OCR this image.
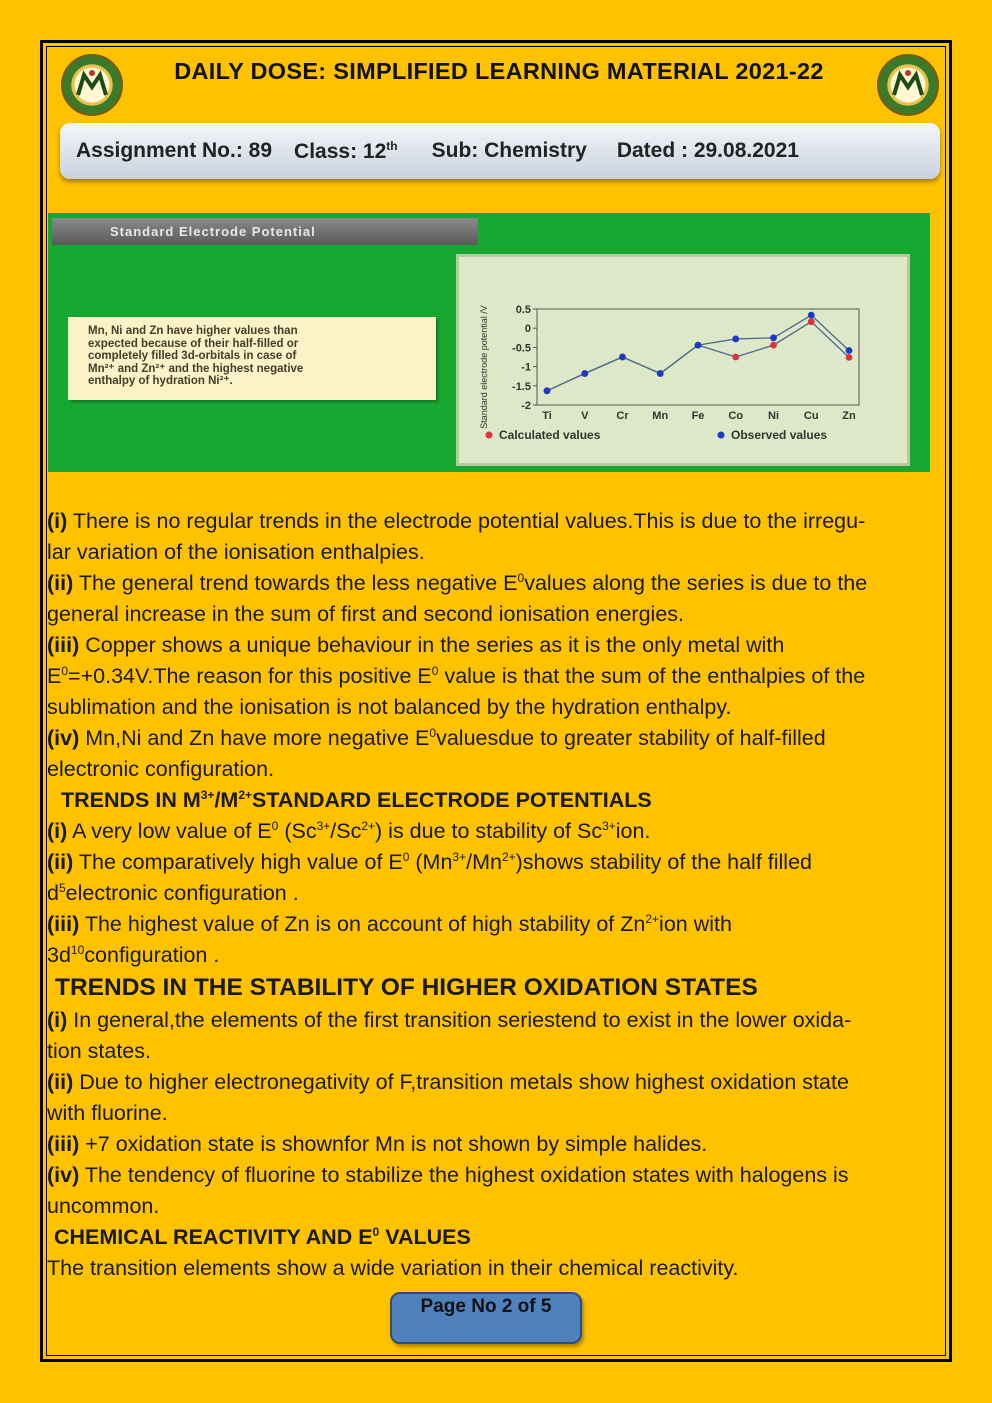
DAILY DOSE: SIMPLIFIED LEARNING MATERIAL 2021-22
Assignment No.: 89 Class: 12th Sub: Chemistry Dated : 29.08.2021
Standard Electrode Potential
Mn, Ni and Zn have higher values than
expected because of their half-filled or
completely filled 3d-orbitals in case of
Mn²⁺ and Zn²⁺ and the highest negative
enthalpy of hydration Ni²⁺.
0.5
0
-0.5
-1
-1.5
-2
Ti	V	Cr Mn Fe Co Ni Cu Zn
Standard electrode potential /V
Calculated values	Observed values

(i) There is no regular trends in the electrode potential values.This is due to the irregu-

lar variation of the ionisation enthalpies.

(ii) The general trend towards the less negative $E^0values$ along the series is due to the

general increase in the sum of first and second ionisation energies.

(iii) Copper shows a unique behaviour in the series as it is the only metal with

$E^0=+0.34V.The$ reason for this positive $E^0$ value is that the sum of the enthalpies of the

sublimation and the ionisation is not balanced by the hydration enthalpy.

(iv) Mn,Ni and Zn have more negative $E^0valuesdue$ to greater stability of half-filled

electronic configuration.

TRENDS IN $M^{3+}/M^{2+}STANDARD$ ELECTRODE POTENTIALS

(i) A very low value of $E^0$ $(Sc^{3+}/Sc^{2+})$ is due to stability of $Sc^{3+}ion$.

(ii) The comparatively high value of $E^0$ $(Mn^{3+}/Mn^{2+})shows$ stability of the half filled

$d^5electronic$ configuration .

(iii) The highest value of Zn is on account of high stability of $Zn^{2+}ion$ with

$3d^{10}configuration$ .

TRENDS IN THE STABILITY OF HIGHER OXIDATION STATES

(i) In general,the elements of the first transition seriestend to exist in the lower oxida-

tion states.

(ii) Due to higher electronegativity of F,transition metals show highest oxidation state

with fluorine.

(iii) +7 oxidation state is shownfor Mn is not shown by simple halides.

(iv) The tendency of fluorine to stabilize the highest oxidation states with halogens is

uncommon.

CHEMICAL REACTIVITY AND $E^0$ VALUES

The transition elements show a wide variation in their chemical reactivity.

Page No 2 of 5
